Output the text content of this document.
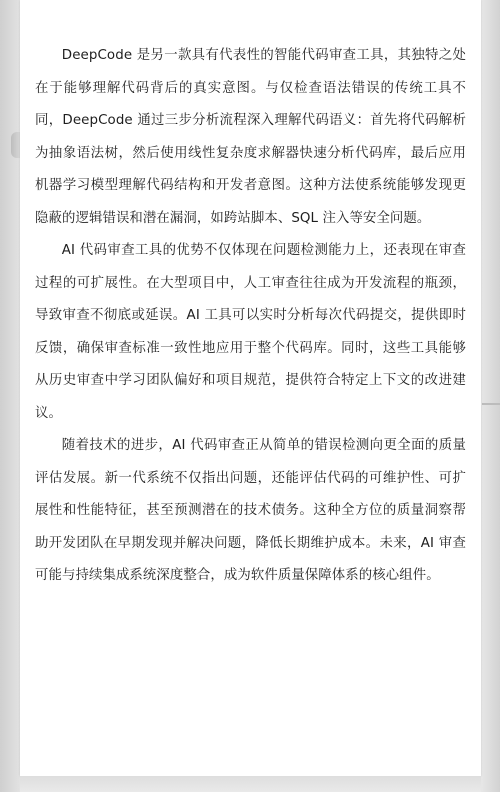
DeepCode 是另一款具有代表性的智能代码审查工具，其独特之处在于能够理解代码背后的真实意图。与仅检查语法错误的传统工具不同，DeepCode 通过三步分析流程深入理解代码语义：首先将代码解析为抽象语法树，然后使用线性复杂度求解器快速分析代码库，最后应用机器学习模型理解代码结构和开发者意图。这种方法使系统能够发现更隐蔽的逻辑错误和潜在漏洞，如跨站脚本、SQL 注入等安全问题。

AI 代码审查工具的优势不仅体现在问题检测能力上，还表现在审查过程的可扩展性。在大型项目中，人工审查往往成为开发流程的瓶颈，导致审查不彻底或延误。AI 工具可以实时分析每次代码提交，提供即时反馈，确保审查标准一致性地应用于整个代码库。同时，这些工具能够从历史审查中学习团队偏好和项目规范，提供符合特定上下文的改进建议。

随着技术的进步，AI 代码审查正从简单的错误检测向更全面的质量评估发展。新一代系统不仅指出问题，还能评估代码的可维护性、可扩展性和性能特征，甚至预测潜在的技术债务。这种全方位的质量洞察帮助开发团队在早期发现并解决问题，降低长期维护成本。未来，AI 审查可能与持续集成系统深度整合，成为软件质量保障体系的核心组件。
